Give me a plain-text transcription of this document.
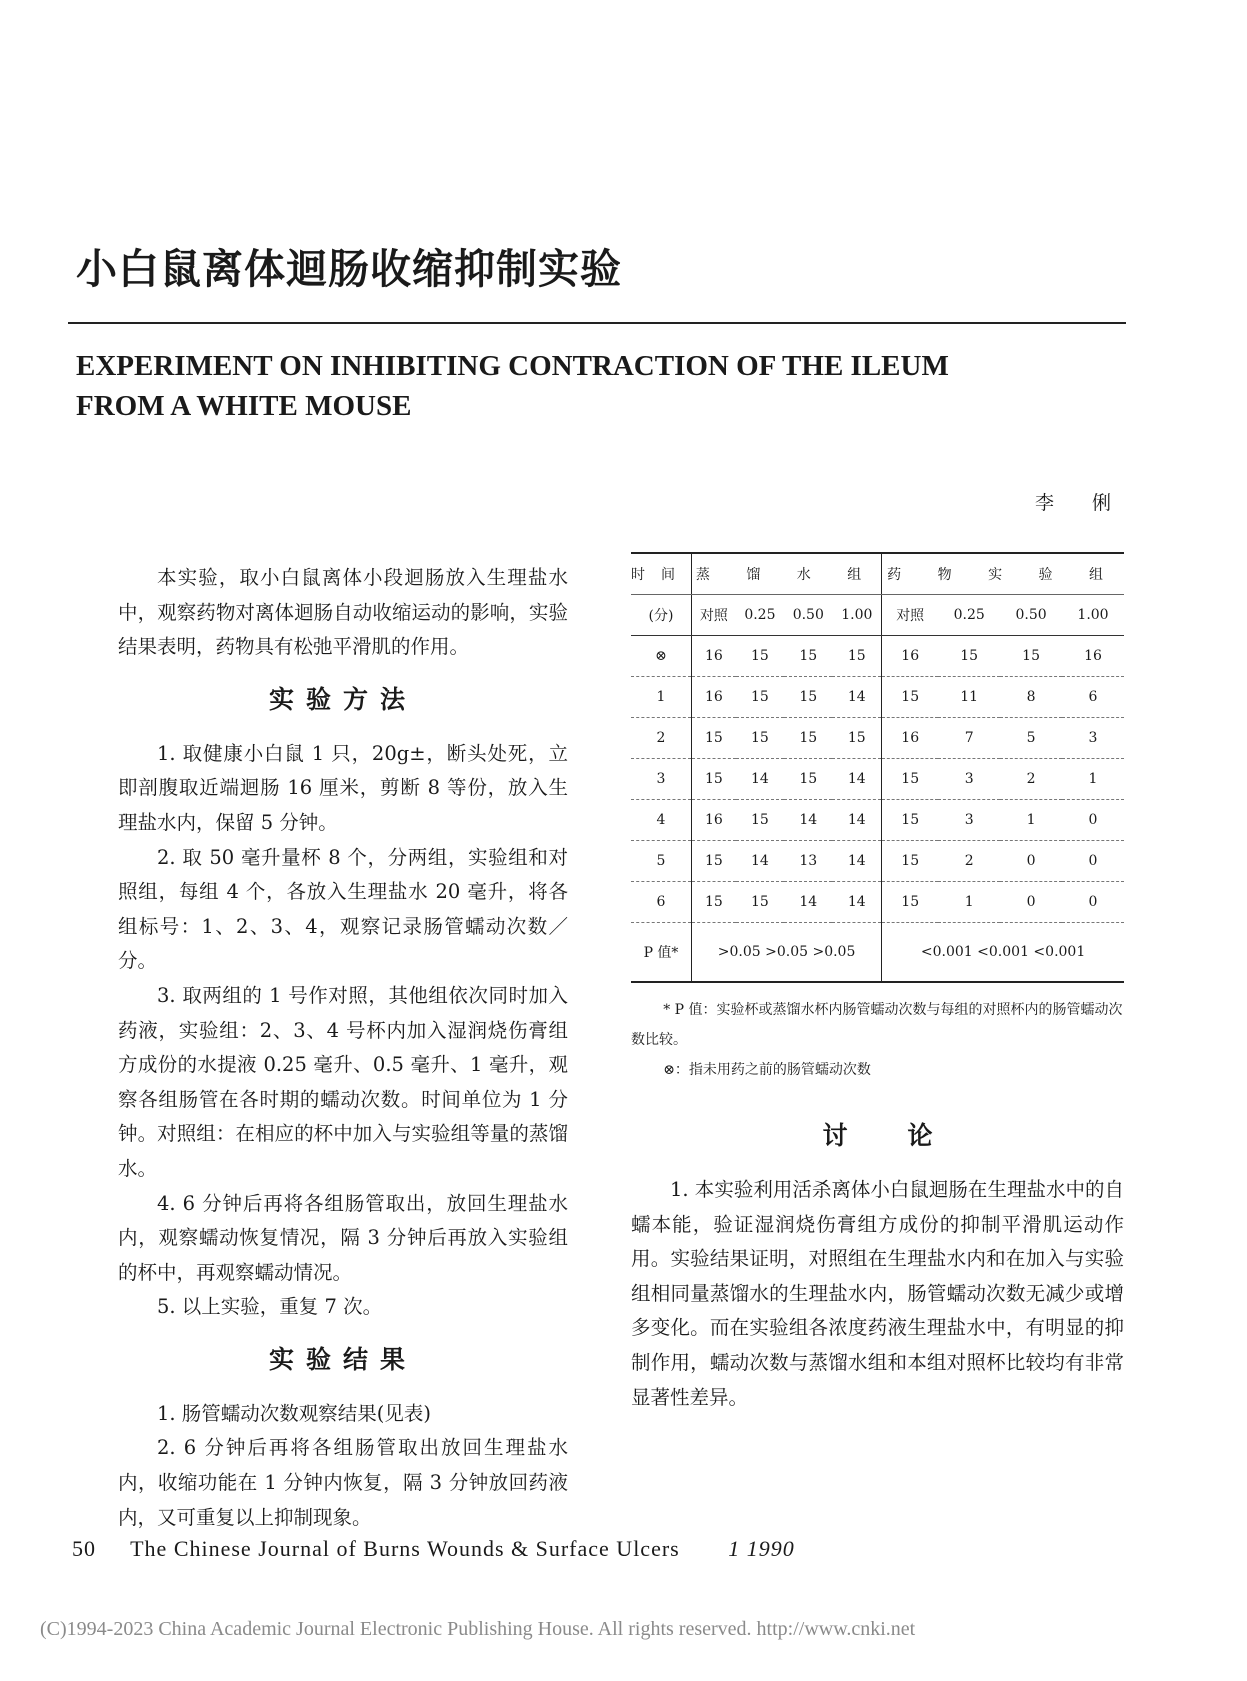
小白鼠离体迴肠收缩抑制实验
EXPERIMENT ON INHIBITING CONTRACTION OF THE ILEUM
FROM A WHITE MOUSE
李 俐

本实验，取小白鼠离体小段迴肠放入生理盐水中，观察药物对离体迴肠自动收缩运动的影响，实验结果表明，药物具有松弛平滑肌的作用。

实验方法

1. 取健康小白鼠 1 只，20g±，断头处死，立即剖腹取近端迴肠 16 厘米，剪断 8 等份，放入生理盐水内，保留 5 分钟。

2. 取 50 毫升量杯 8 个，分两组，实验组和对照组，每组 4 个，各放入生理盐水 20 毫升，将各组标号：1、2、3、4，观察记录肠管蠕动次数／分。

3. 取两组的 1 号作对照，其他组依次同时加入药液，实验组：2、3、4 号杯内加入湿润烧伤膏组方成份的水提液 0.25 毫升、0.5 毫升、1 毫升，观察各组肠管在各时期的蠕动次数。时间单位为 1 分钟。对照组：在相应的杯中加入与实验组等量的蒸馏水。

4. 6 分钟后再将各组肠管取出，放回生理盐水内，观察蠕动恢复情况，隔 3 分钟后再放入实验组的杯中，再观察蠕动情况。

5. 以上实验，重复 7 次。

实验结果

1. 肠管蠕动次数观察结果(见表)

2. 6 分钟后再将各组肠管取出放回生理盐水内，收缩功能在 1 分钟内恢复，隔 3 分钟放回药液内，又可重复以上抑制现象。

时间	蒸 馏 水 组				药 物 实 验 组			
(分)	对照	0.25	0.50	1.00	对照	0.25	0.50	1.00
⊗	16	15	15	15	16	15	15	16
1	16	15	15	14	15	11	8	6
2	15	15	15	15	16	7	5	3
3	15	14	15	14	15	3	2	1
4	16	15	14	14	15	3	1	0
5	15	14	13	14	15	2	0	0
6	15	15	14	14	15	1	0	0
P 值*	>0.05 >0.05 >0.05				<0.001 <0.001 <0.001			
* P 值：实验杯或蒸馏水杯内肠管蠕动次数与每组的对照杯内的肠管蠕动次数比较。
⊗：指未用药之前的肠管蠕动次数
讨论

1. 本实验利用活杀离体小白鼠迴肠在生理盐水中的自蠕本能，验证湿润烧伤膏组方成份的抑制平滑肌运动作用。实验结果证明，对照组在生理盐水内和在加入与实验组相同量蒸馏水的生理盐水内，肠管蠕动次数无减少或增多变化。而在实验组各浓度药液生理盐水中，有明显的抑制作用，蠕动次数与蒸馏水组和本组对照杯比较均有非常显著性差异。

50 The Chinese Journal of Burns Wounds & Surface Ulcers 1 1990
(C)1994-2023 China Academic Journal Electronic Publishing House. All rights reserved. http://www.cnki.net
